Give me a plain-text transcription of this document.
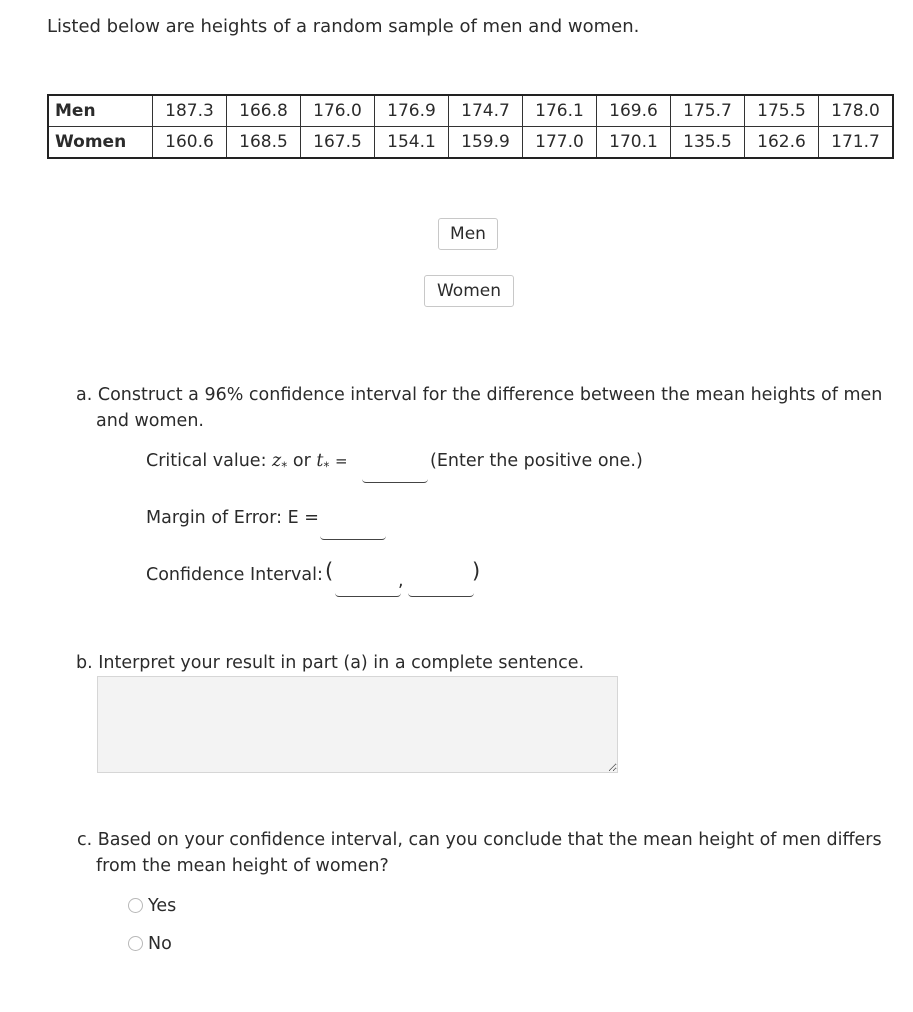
Listed below are heights of a random sample of men and women.
Men	187.3	166.8	176.0	176.9	174.7	176.1	169.6	175.7	175.5	178.0
Women	160.6	168.5	167.5	154.1	159.9	177.0	170.1	135.5	162.6	171.7
Men
Women
a. Construct a 96% confidence interval for the difference between the mean heights of men
and women.
Critical value: $z_*$ or $t_*$ =	(Enter the positive one.)
Margin of Error: E =
Confidence Interval: (	,	)
b. Interpret your result in part (a) in a complete sentence.
c. Based on your confidence interval, can you conclude that the mean height of men differs
from the mean height of women?
Yes
No
